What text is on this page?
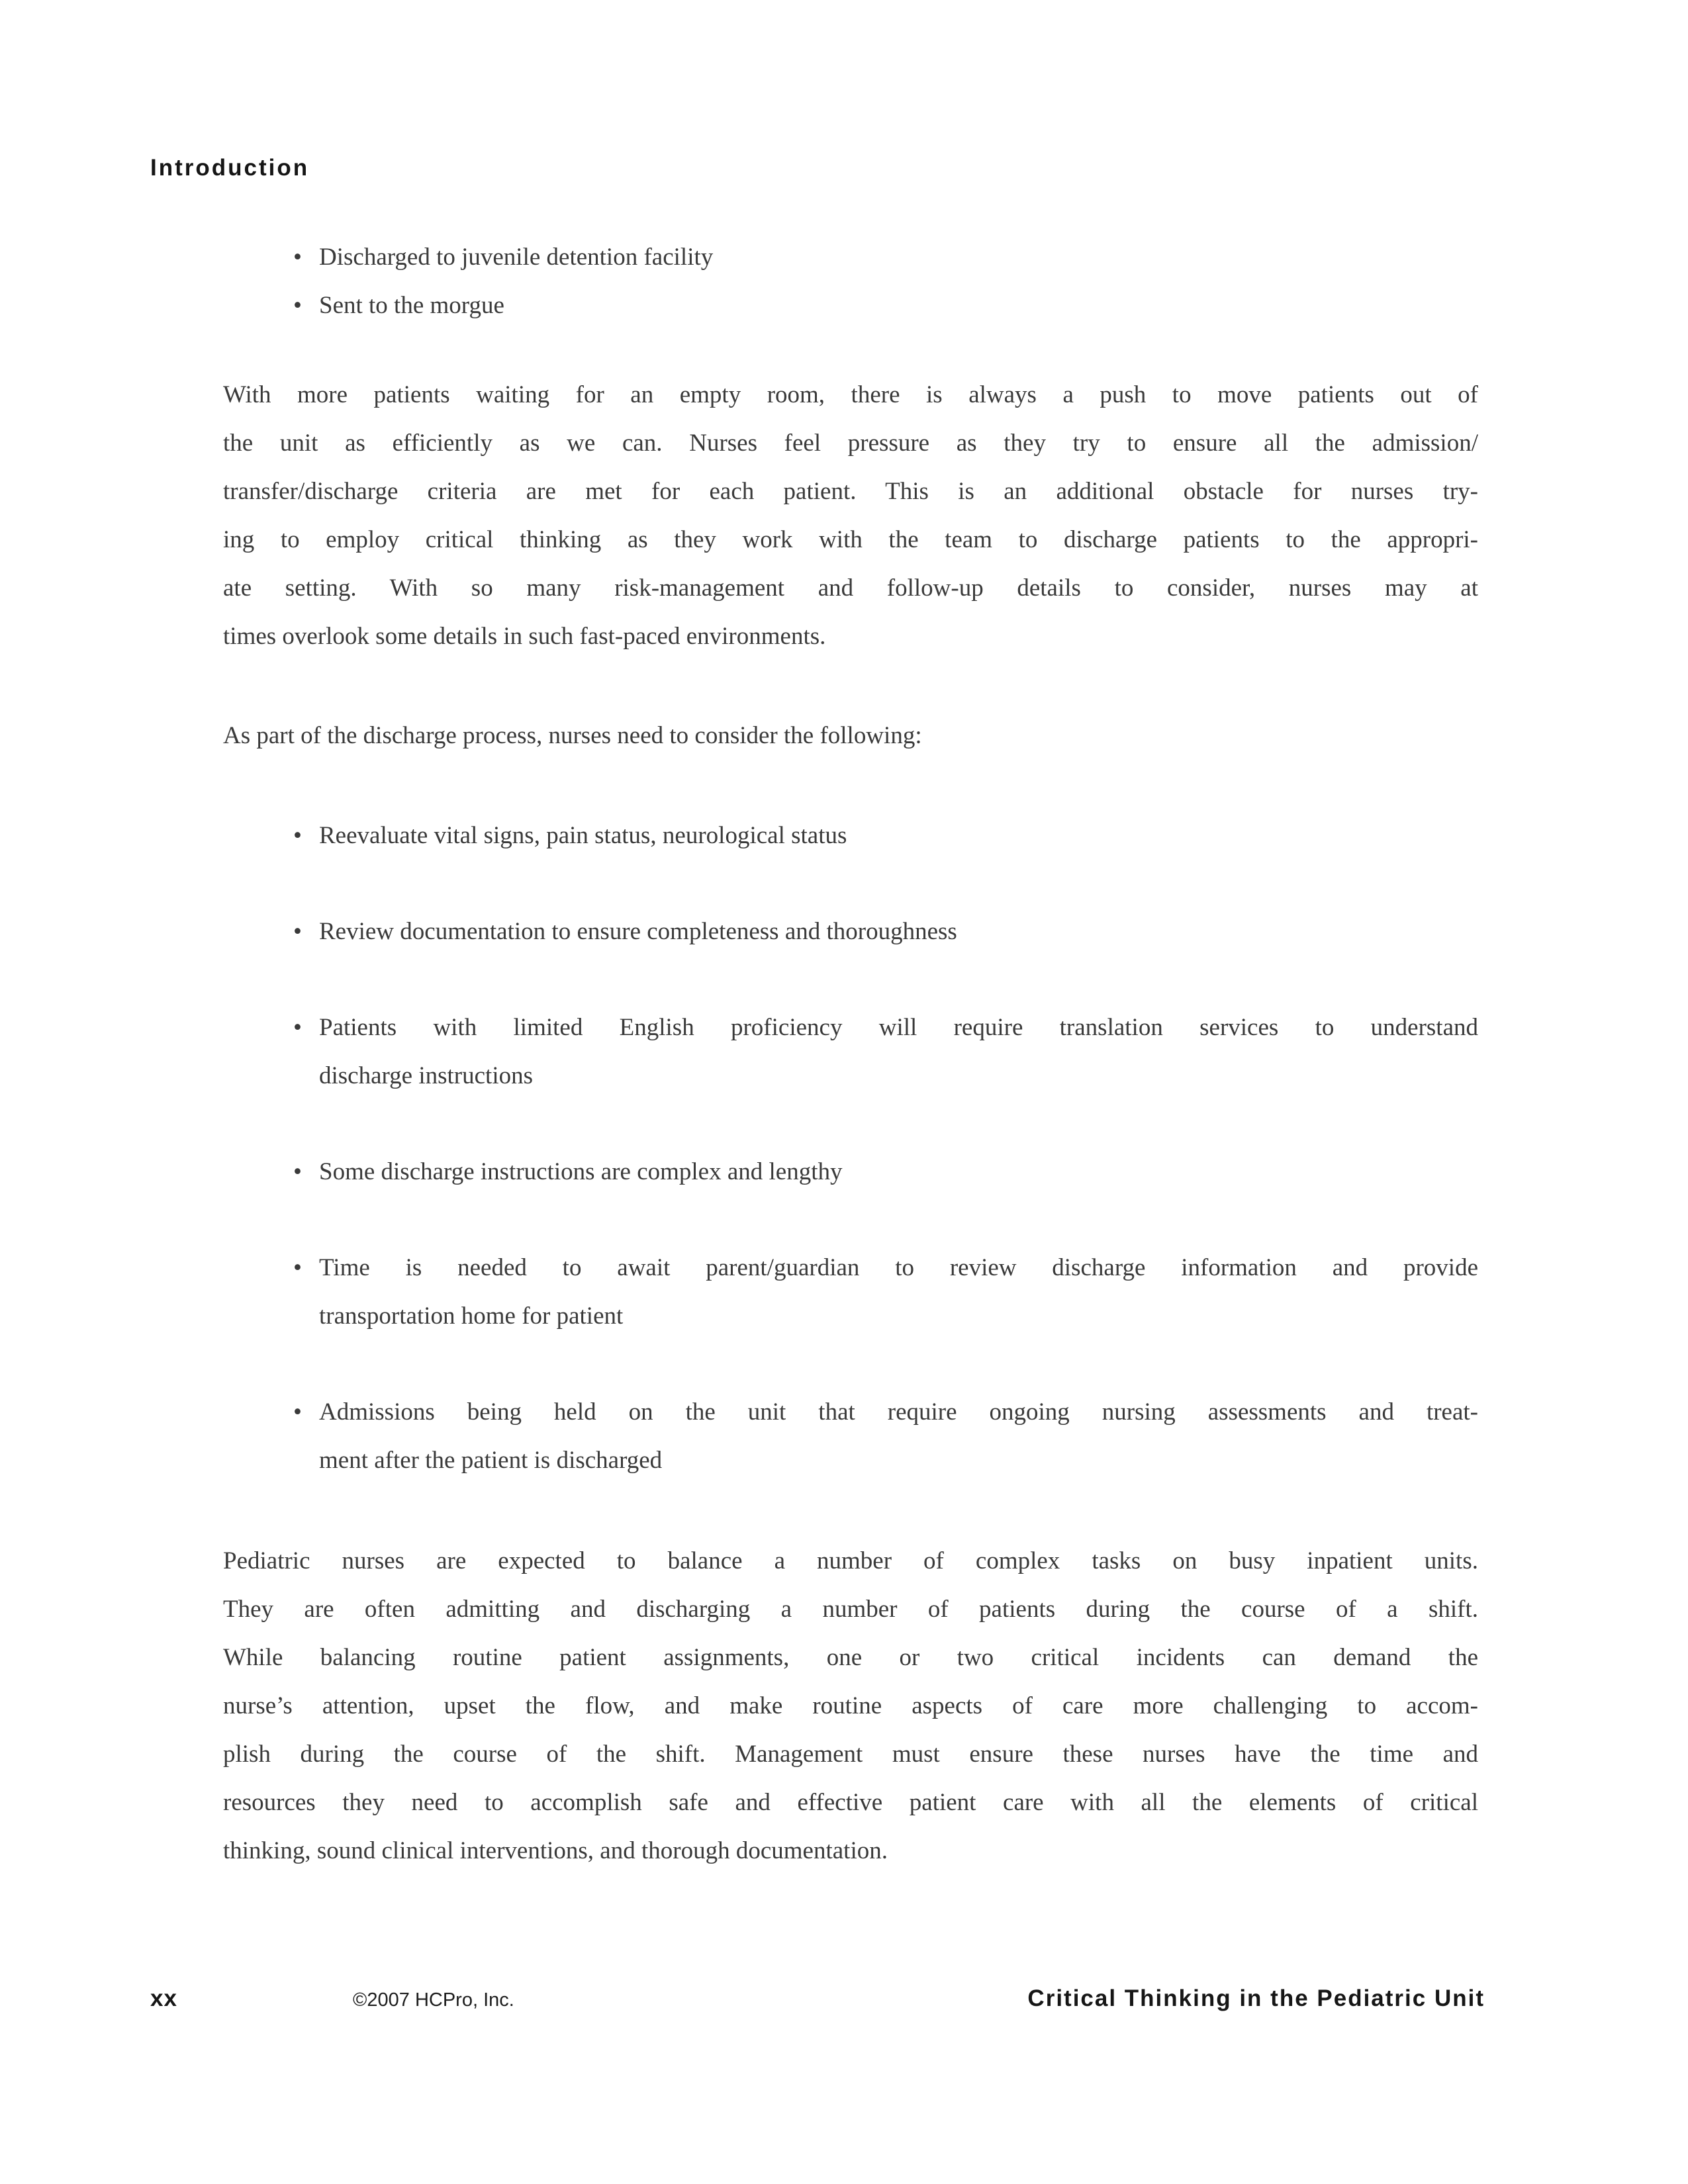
Introduction
• Discharged to juvenile detention facility
• Sent to the morgue
With more patients waiting for an empty room, there is always a push to move patients out of
the unit as efficiently as we can. Nurses feel pressure as they try to ensure all the admission/
transfer/discharge criteria are met for each patient. This is an additional obstacle for nurses try-
ing to employ critical thinking as they work with the team to discharge patients to the appropri-
ate setting. With so many risk-management and follow-up details to consider, nurses may at
times overlook some details in such fast-paced environments.
As part of the discharge process, nurses need to consider the following:
• Reevaluate vital signs, pain status, neurological status
• Review documentation to ensure completeness and thoroughness
• Patients with limited English proficiency will require translation services to understand
discharge instructions
• Some discharge instructions are complex and lengthy
• Time is needed to await parent/guardian to review discharge information and provide
transportation home for patient
• Admissions being held on the unit that require ongoing nursing assessments and treat-
ment after the patient is discharged
Pediatric nurses are expected to balance a number of complex tasks on busy inpatient units.
They are often admitting and discharging a number of patients during the course of a shift.
While balancing routine patient assignments, one or two critical incidents can demand the
nurse’s attention, upset the flow, and make routine aspects of care more challenging to accom-
plish during the course of the shift. Management must ensure these nurses have the time and
resources they need to accomplish safe and effective patient care with all the elements of critical
thinking, sound clinical interventions, and thorough documentation.
xx	©2007 HCPro, Inc.	Critical Thinking in the Pediatric Unit
